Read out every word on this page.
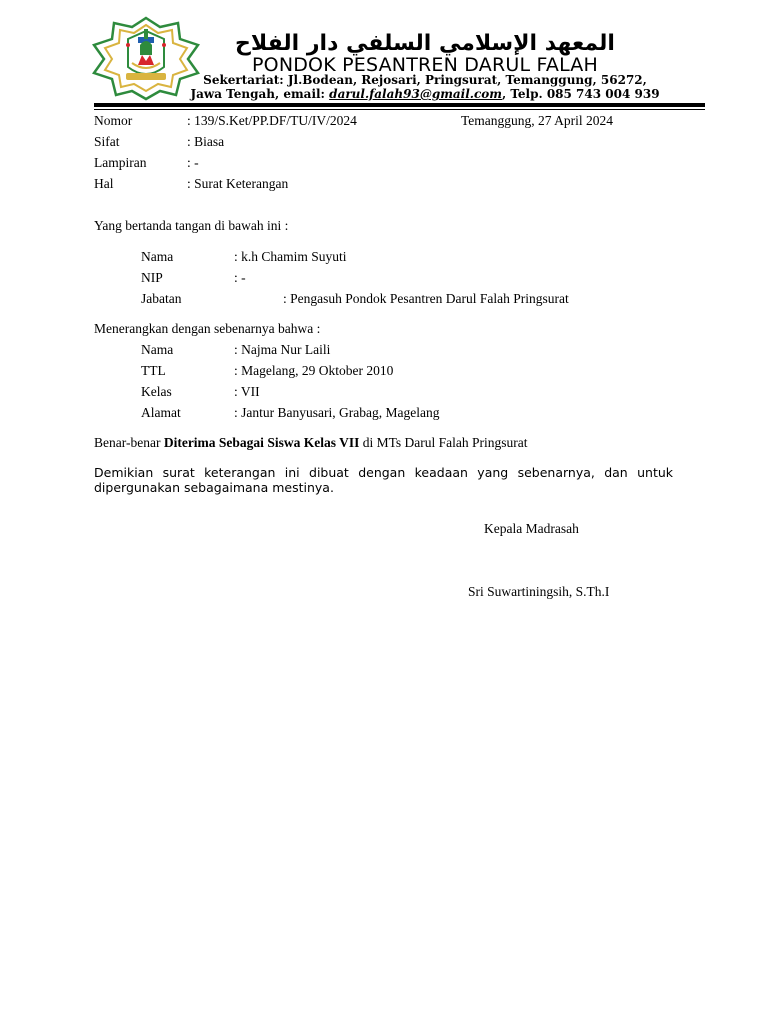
المعهد الإسلامي السلفي دار الفلاح
PONDOK PESANTREN DARUL FALAH
Sekertariat: Jl.Bodean, Rejosari, Pringsurat, Temanggung, 56272,
Jawa Tengah, email: darul.falah93@gmail.com, Telp. 085 743 004 939
Nomor	: 139/S.Ket/PP.DF/TU/IV/2024	Temanggung, 27 April 2024
Sifat	: Biasa
Lampiran	: -
Hal	: Surat Keterangan
Yang bertanda tangan di bawah ini :
Nama	: k.h Chamim Suyuti
NIP	: -
Jabatan	: Pengasuh Pondok Pesantren Darul Falah Pringsurat
Menerangkan dengan sebenarnya bahwa :
Nama	: Najma Nur Laili
TTL	: Magelang, 29 Oktober 2010
Kelas	: VII
Alamat	: Jantur Banyusari, Grabag, Magelang
Benar-benar Diterima Sebagai Siswa Kelas VII di MTs Darul Falah Pringsurat
Demikian surat keterangan ini dibuat dengan keadaan yang sebenarnya, dan untuk dipergunakan sebagaimana mestinya.
Kepala Madrasah
Sri Suwartiningsih, S.Th.I
